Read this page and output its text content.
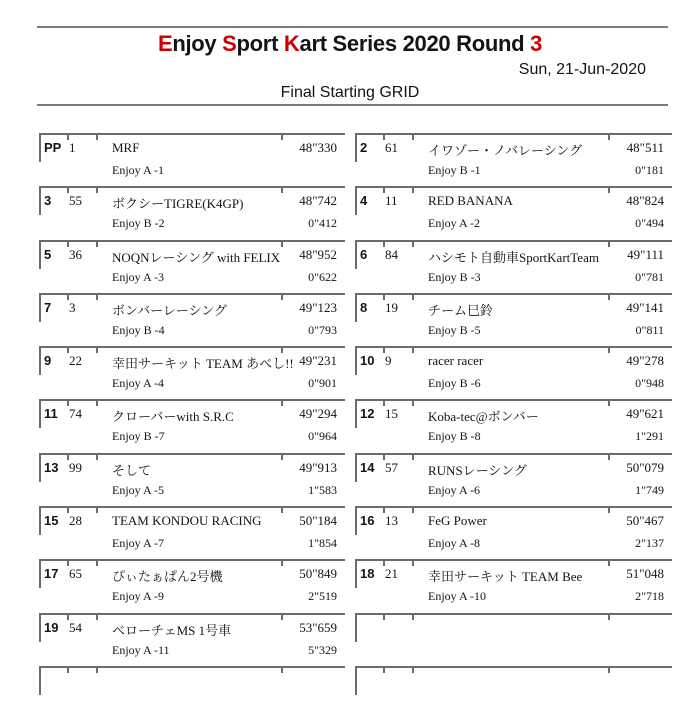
Enjoy Sport Kart Series 2020 Round 3
Sun, 21-Jun-2020
Final Starting GRID
PP 1	MRF	48"330
Enjoy A -1
3 55 ボクシーTIGRE(K4GP)	48"742
Enjoy B -2	0"412
5 36 NOQNレーシング with FELIX 48"952
Enjoy A -3	0"622
7 3	ボンバーレーシング	49"123
Enjoy B -4	0"793
9 22 幸田サーキット TEAM あべし!! 49"231
Enjoy A -4	0"901
11 74 クローバーwith S.R.C	49"294
Enjoy B -7	0"964
13 99 そして	49"913
Enjoy A -5	1"583
15 28 TEAM KONDOU RACING	50"184
Enjoy A -7	1"854
17 65 ぴぃたぁぱん2号機	50"849
Enjoy A -9	2"519
19 54 ベローチェMS 1号車	53"659
Enjoy A -11	5"329
2 61 イワゾー・ノバレーシング	48"511
Enjoy B -1	0"181
4 11 RED BANANA	48"824
Enjoy A -2	0"494
6 84 ハシモト自動車SportKartTeam 49"111
Enjoy B -3	0"781
8 19 チーム巳鈴	49"141
Enjoy B -5	0"811
10 9	racer racer	49"278
Enjoy B -6	0"948
12 15 Koba-tec@ボンバー	49"621
Enjoy B -8	1"291
14 57 RUNSレーシング	50"079
Enjoy A -6	1"749
16 13 FeG Power	50"467
Enjoy A -8	2"137
18 21 幸田サーキット TEAM Bee	51"048
Enjoy A -10	2"718
